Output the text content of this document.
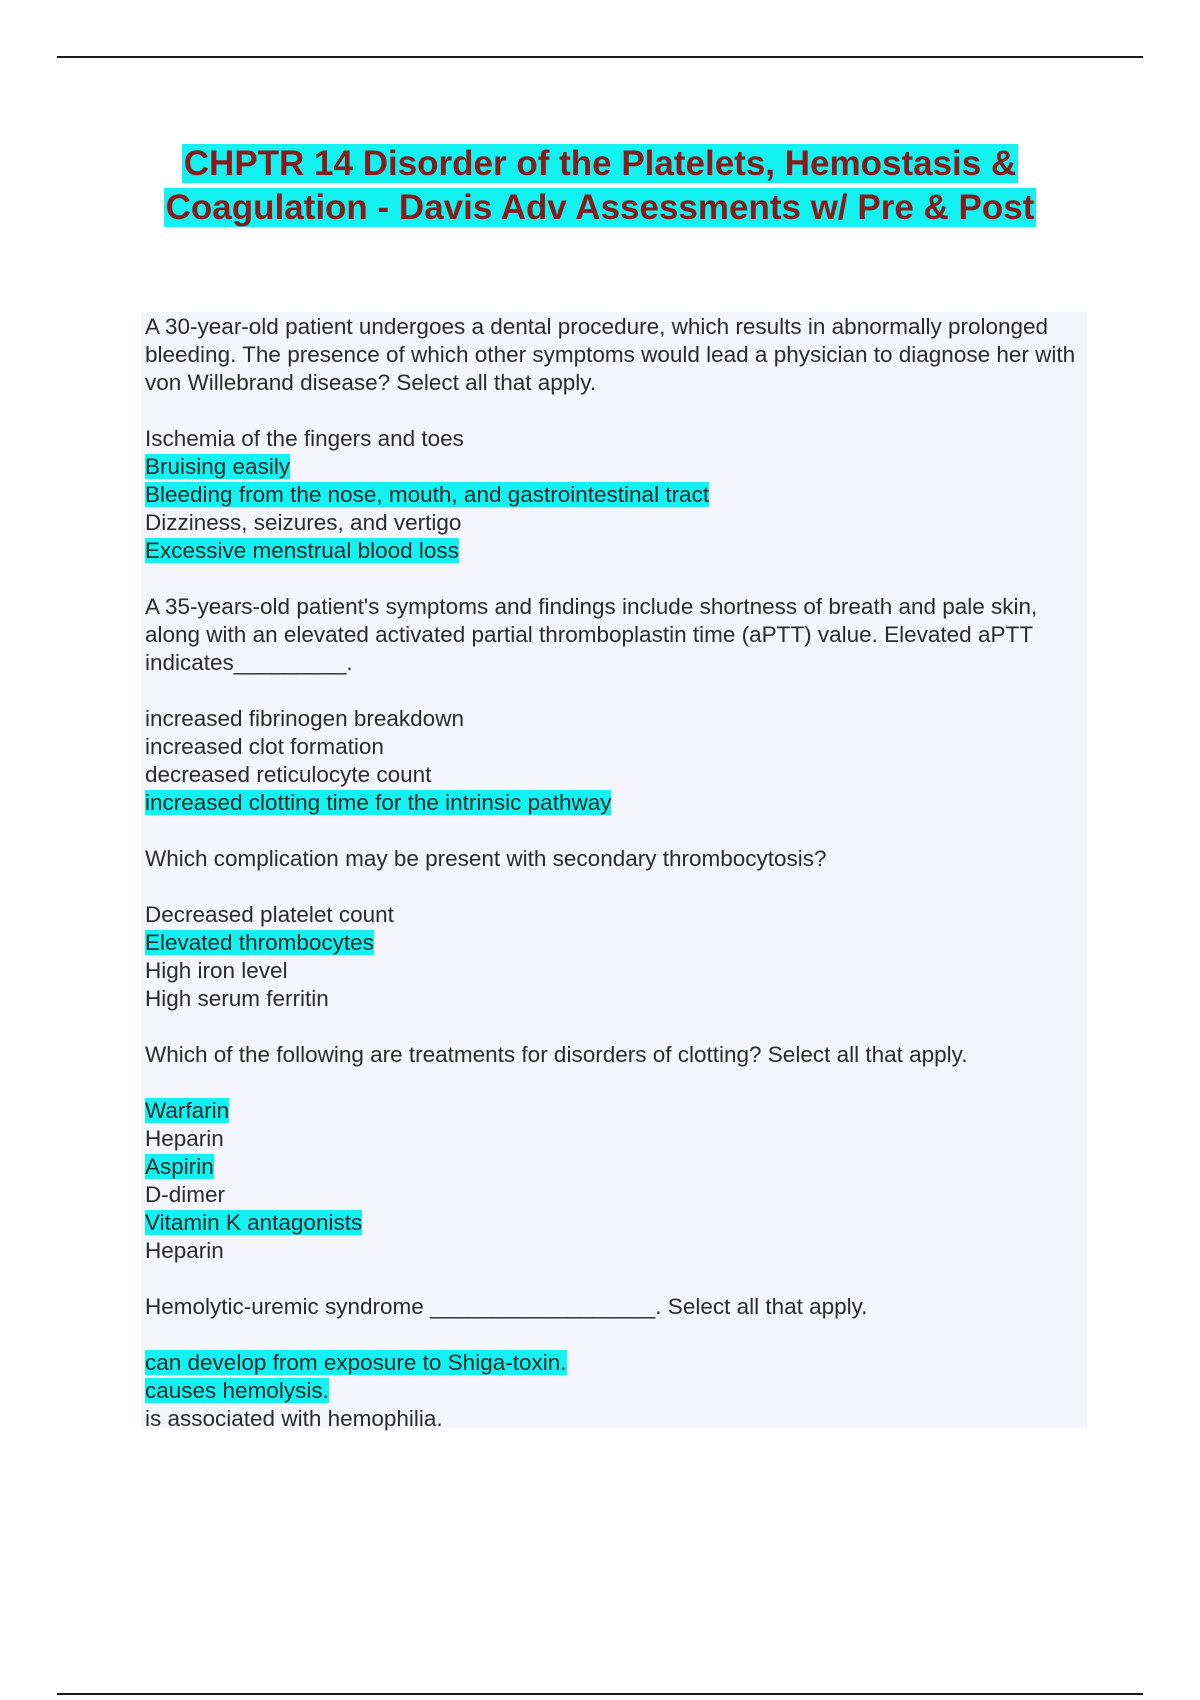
CHPTR 14 Disorder of the Platelets, Hemostasis &
Coagulation - Davis Adv Assessments w/ Pre & Post

A 30-year-old patient undergoes a dental procedure, which results in abnormally prolonged bleeding. The presence of which other symptoms would lead a physician to diagnose her with von Willebrand disease? Select all that apply.

Ischemia of the fingers and toes
Bruising easily
Bleeding from the nose, mouth, and gastrointestinal tract
Dizziness, seizures, and vertigo
Excessive menstrual blood loss

A 35-years-old patient's symptoms and findings include shortness of breath and pale skin, along with an elevated activated partial thromboplastin time (aPTT) value. Elevated aPTT indicates_________.

increased fibrinogen breakdown
increased clot formation
decreased reticulocyte count
increased clotting time for the intrinsic pathway

Which complication may be present with secondary thrombocytosis?

Decreased platelet count
Elevated thrombocytes
High iron level
High serum ferritin

Which of the following are treatments for disorders of clotting? Select all that apply.

Warfarin
Heparin
Aspirin
D-dimer
Vitamin K antagonists
Heparin

Hemolytic-uremic syndrome __________________. Select all that apply.

can develop from exposure to Shiga-toxin.
causes hemolysis.
is associated with hemophilia.
